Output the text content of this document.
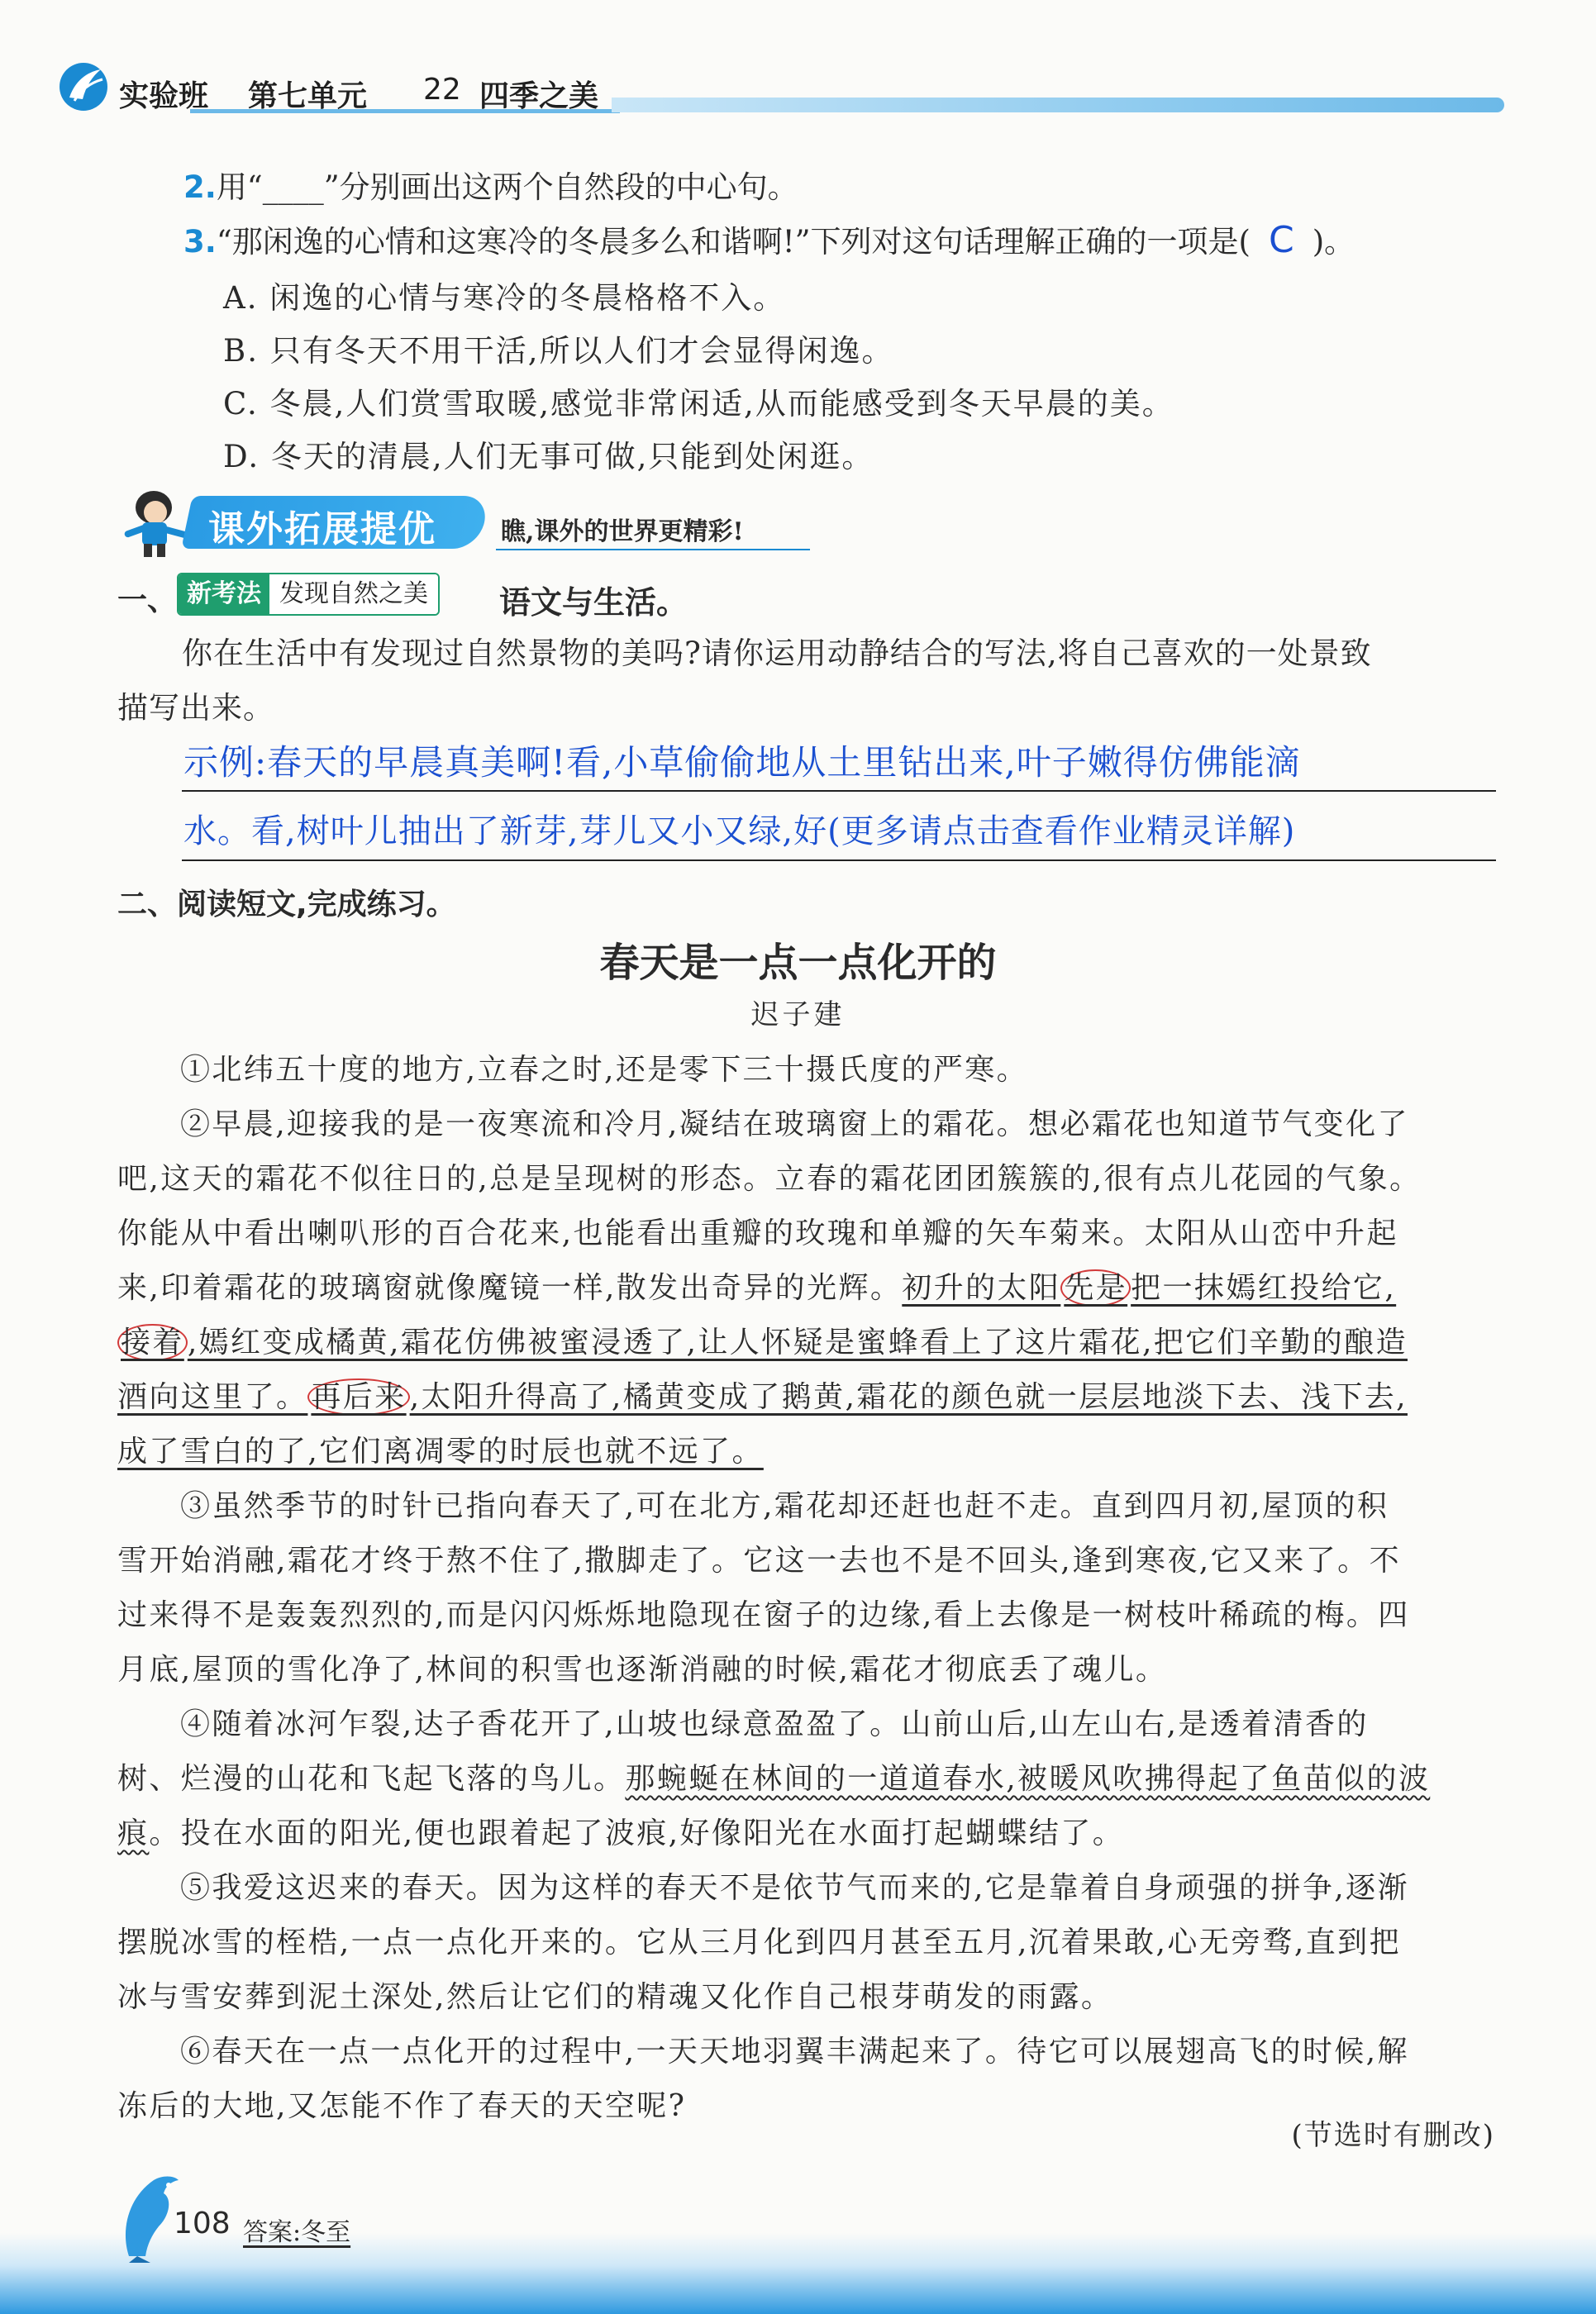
实验班 第七单元 22 四季之美
2.用“____”分别画出这两个自然段的中心句。
3.“那闲逸的心情和这寒冷的冬晨多么和谐啊!”下列对这句话理解正确的一项是( C )。
A. 闲逸的心情与寒冷的冬晨格格不入。
B. 只有冬天不用干活,所以人们才会显得闲逸。
C. 冬晨,人们赏雪取暖,感觉非常闲适,从而能感受到冬天早晨的美。
D. 冬天的清晨,人们无事可做,只能到处闲逛。
课外拓展提优	瞧,课外的世界更精彩!
一、 新考法 发现自然之美	语文与生活。
你在生活中有发现过自然景物的美吗?请你运用动静结合的写法,将自己喜欢的一处景致
描写出来。
示例:春天的早晨真美啊!看,小草偷偷地从土里钻出来,叶子嫩得仿佛能滴
水。看,树叶儿抽出了新芽,芽儿又小又绿,好(更多请点击查看作业精灵详解)
二、 阅读短文,完成练习。
春天是一点一点化开的
迟子建
①北纬五十度的地方,立春之时,还是零下三十摄氏度的严寒。
②早晨,迎接我的是一夜寒流和冷月,凝结在玻璃窗上的霜花。想必霜花也知道节气变化了
吧,这天的霜花不似往日的,总是呈现树的形态。立春的霜花团团簇簇的,很有点儿花园的气象。
你能从中看出喇叭形的百合花来,也能看出重瓣的玫瑰和单瓣的矢车菊来。太阳从山峦中升起
来,印着霜花的玻璃窗就像魔镜一样,散发出奇异的光辉。初升的太阳 先是 把一抹嫣红投给它,
接着 ,嫣红变成橘黄,霜花仿佛被蜜浸透了,让人怀疑是蜜蜂看上了这片霜花,把它们辛勤的酿造
酒向这里了。 再后来 ,太阳升得高了,橘黄变成了鹅黄,霜花的颜色就一层层地淡下去、浅下去,
成了雪白的了,它们离凋零的时辰也就不远了。
③虽然季节的时针已指向春天了,可在北方,霜花却还赶也赶不走。直到四月初,屋顶的积
雪开始消融,霜花才终于熬不住了,撒脚走了。它这一去也不是不回头,逢到寒夜,它又来了。不
过来得不是轰轰烈烈的,而是闪闪烁烁地隐现在窗子的边缘,看上去像是一树枝叶稀疏的梅。四
月底,屋顶的雪化净了,林间的积雪也逐渐消融的时候,霜花才彻底丢了魂儿。
④随着冰河乍裂,达子香花开了,山坡也绿意盈盈了。山前山后,山左山右,是透着清香的
树、烂漫的山花和飞起飞落的鸟儿。那蜿蜒在林间的一道道春水,被暖风吹拂得起了鱼苗似的波
痕。投在水面的阳光,便也跟着起了波痕,好像阳光在水面打起蝴蝶结了。
⑤我爱这迟来的春天。因为这样的春天不是依节气而来的,它是靠着自身顽强的拼争,逐渐
摆脱冰雪的桎梏,一点一点化开来的。它从三月化到四月甚至五月,沉着果敢,心无旁骛,直到把
冰与雪安葬到泥土深处,然后让它们的精魂又化作自己根芽萌发的雨露。
⑥春天在一点一点化开的过程中,一天天地羽翼丰满起来了。待它可以展翅高飞的时候,解
冻后的大地,又怎能不作了春天的天空呢?
(节选时有删改)
108 答案:冬至
